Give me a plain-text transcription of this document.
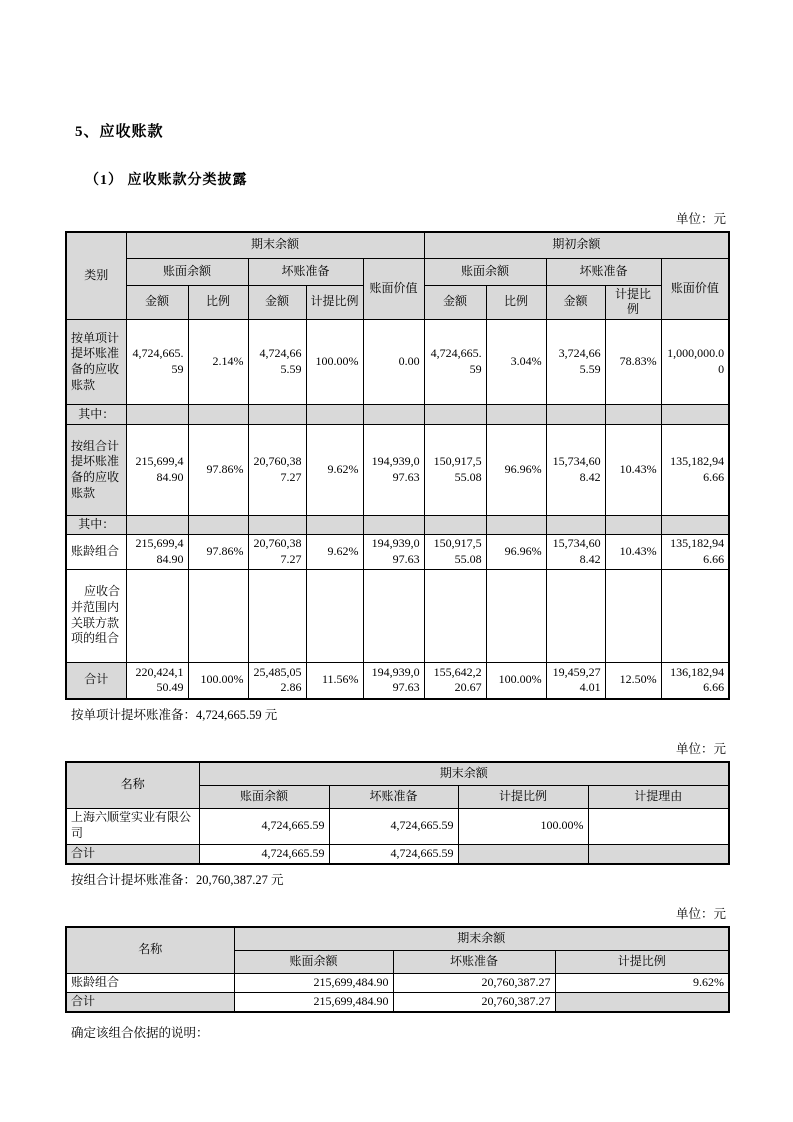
5、应收账款
（1） 应收账款分类披露
单位：元
类别	期末余额					期初余额				
	账面余额		坏账准备		账面价值	账面余额		坏账准备		账面价值
	金额	比例	金额	计提比例		金额	比例	金额	计提比例	
按单项计提坏账准备的应收账款	4,724,665.59	2.14%	4,724,665.59	100.00%	0.00	4,724,665.59	3.04%	3,724,665.59	78.83%	1,000,000.00
其中：										
按组合计提坏账准备的应收账款	215,699,484.90	97.86%	20,760,387.27	9.62%	194,939,097.63	150,917,555.08	96.96%	15,734,608.42	10.43%	135,182,946.66
其中：										
账龄组合	215,699,484.90	97.86%	20,760,387.27	9.62%	194,939,097.63	150,917,555.08	96.96%	15,734,608.42	10.43%	135,182,946.66
应收合并范围内关联方款项的组合										
合计	220,424,150.49	100.00%	25,485,052.86	11.56%	194,939,097.63	155,642,220.67	100.00%	19,459,274.01	12.50%	136,182,946.66
按单项计提坏账准备：4,724,665.59 元
单位：元
名称	期末余额			
	账面余额	坏账准备	计提比例	计提理由
上海六顺堂实业有限公司	4,724,665.59	4,724,665.59	100.00%	
合计	4,724,665.59	4,724,665.59		
按组合计提坏账准备：20,760,387.27 元
单位：元
名称	期末余额		
	账面余额	坏账准备	计提比例
账龄组合	215,699,484.90	20,760,387.27	9.62%
合计	215,699,484.90	20,760,387.27	
确定该组合依据的说明：
